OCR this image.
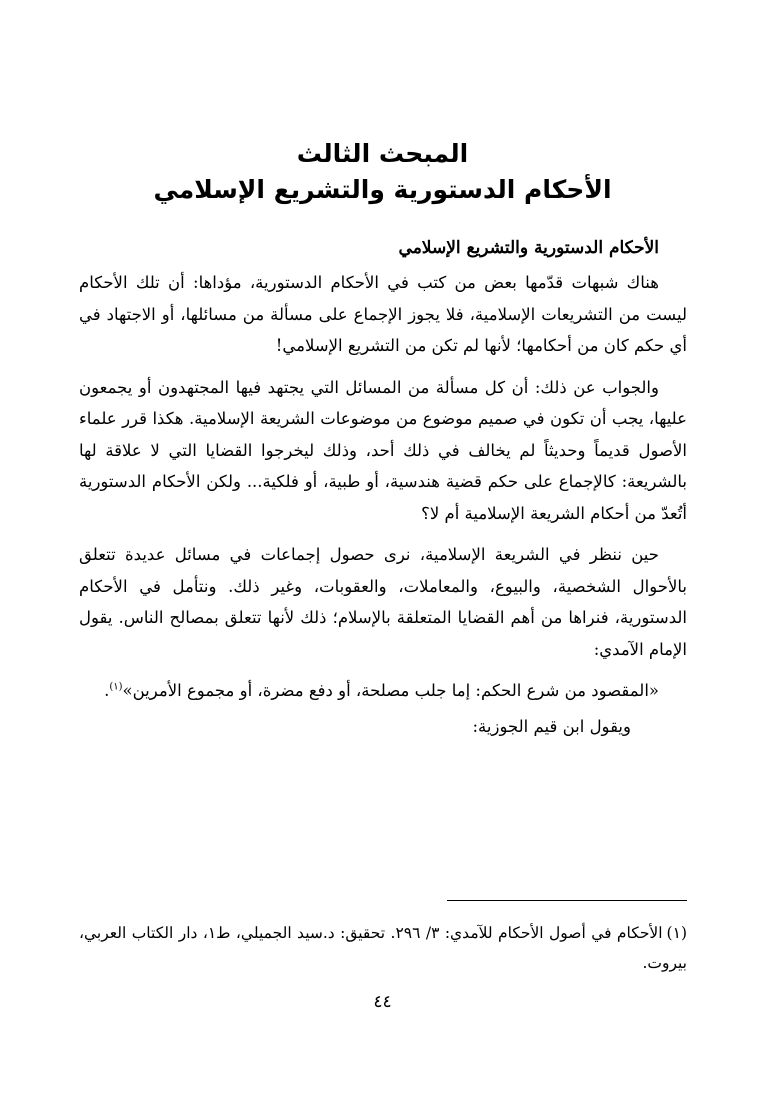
المبحث الثالث
الأحكام الدستورية والتشريع الإسلامي
الأحكام الدستورية والتشريع الإسلامي

هناك شبهات قدّمها بعض من كتب في الأحكام الدستورية، مؤداها: أن تلك الأحكام ليست من التشريعات الإسلامية، فلا يجوز الإجماع على مسألة من مسائلها، أو الاجتهاد في أي حكم كان من أحكامها؛ لأنها لم تكن من التشريع الإسلامي!

والجواب عن ذلك: أن كل مسألة من المسائل التي يجتهد فيها المجتهدون أو يجمعون عليها، يجب أن تكون في صميم موضوع من موضوعات الشريعة الإسلامية. هكذا قرر علماء الأصول قديماً وحديثاً لم يخالف في ذلك أحد، وذلك ليخرجوا القضايا التي لا علاقة لها بالشريعة: كالإجماع على حكم قضية هندسية، أو طبية، أو فلكية... ولكن الأحكام الدستورية أتُعدّ من أحكام الشريعة الإسلامية أم لا؟

حين ننظر في الشريعة الإسلامية، نرى حصول إجماعات في مسائل عديدة تتعلق بالأحوال الشخصية، والبيوع، والمعاملات، والعقوبات، وغير ذلك. ونتأمل في الأحكام الدستورية، فنراها من أهم القضايا المتعلقة بالإسلام؛ ذلك لأنها تتعلق بمصالح الناس. يقول الإمام الآمدي:

«المقصود من شرع الحكم: إما جلب مصلحة، أو دفع مضرة، أو مجموع الأمرين»$^{(١)}$.

ويقول ابن قيم الجوزية:

(١)الأحكام في أصول الأحكام للآمدي: ٣/ ٢٩٦. تحقيق: د.سيد الجميلي، ط١، دار الكتاب العربي، بيروت.

٤٤
